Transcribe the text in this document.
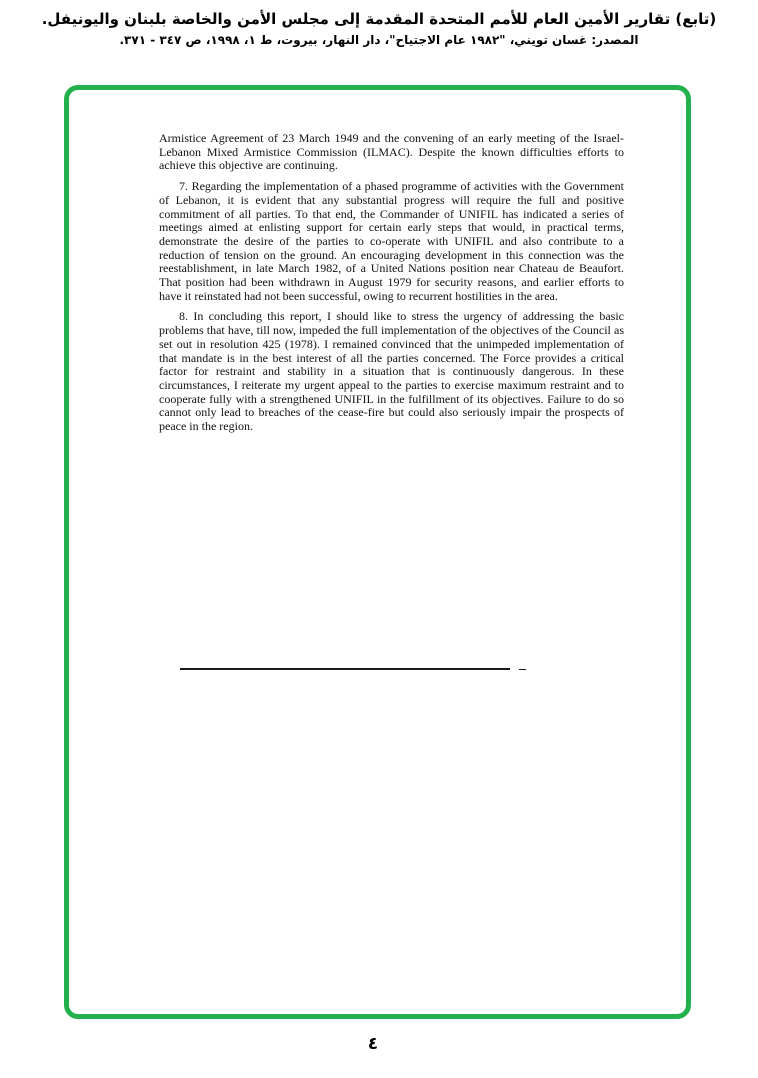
(تابع) تقارير الأمين العام للأمم المتحدة المقدمة إلى مجلس الأمن والخاصة بلبنان واليونيفل.
المصدر: غسان تويني، "١٩٨٢ عام الاجتياح"، دار النهار، بيروت، ط ١، ١٩٩٨، ص ٣٤٧ - ٣٧١.

Armistice Agreement of 23 March 1949 and the convening of an early meeting of the Israel-Lebanon Mixed Armistice Commission (ILMAC). Despite the known difficulties efforts to achieve this objective are continuing.

7. Regarding the implementation of a phased programme of activities with the Government of Lebanon, it is evident that any substantial progress will require the full and positive commitment of all parties. To that end, the Commander of UNIFIL has indicated a series of meetings aimed at enlisting support for certain early steps that would, in practical terms, demonstrate the desire of the parties to co-operate with UNIFIL and also contribute to a reduction of tension on the ground. An encouraging development in this connection was the reestablishment, in late March 1982, of a United Nations position near Chateau de Beaufort. That position had been withdrawn in August 1979 for security reasons, and earlier efforts to have it reinstated had not been successful, owing to recurrent hostilities in the area.

8. In concluding this report, I should like to stress the urgency of addressing the basic problems that have, till now, impeded the full implementation of the objectives of the Council as set out in resolution 425 (1978). I remained convinced that the unimpeded implementation of that mandate is in the best interest of all the parties concerned. The Force provides a critical factor for restraint and stability in a situation that is continuously dangerous. In these circumstances, I reiterate my urgent appeal to the parties to exercise maximum restraint and to cooperate fully with a strengthened UNIFIL in the fulfillment of its objectives. Failure to do so cannot only lead to breaches of the cease-fire but could also seriously impair the prospects of peace in the region.

٤
